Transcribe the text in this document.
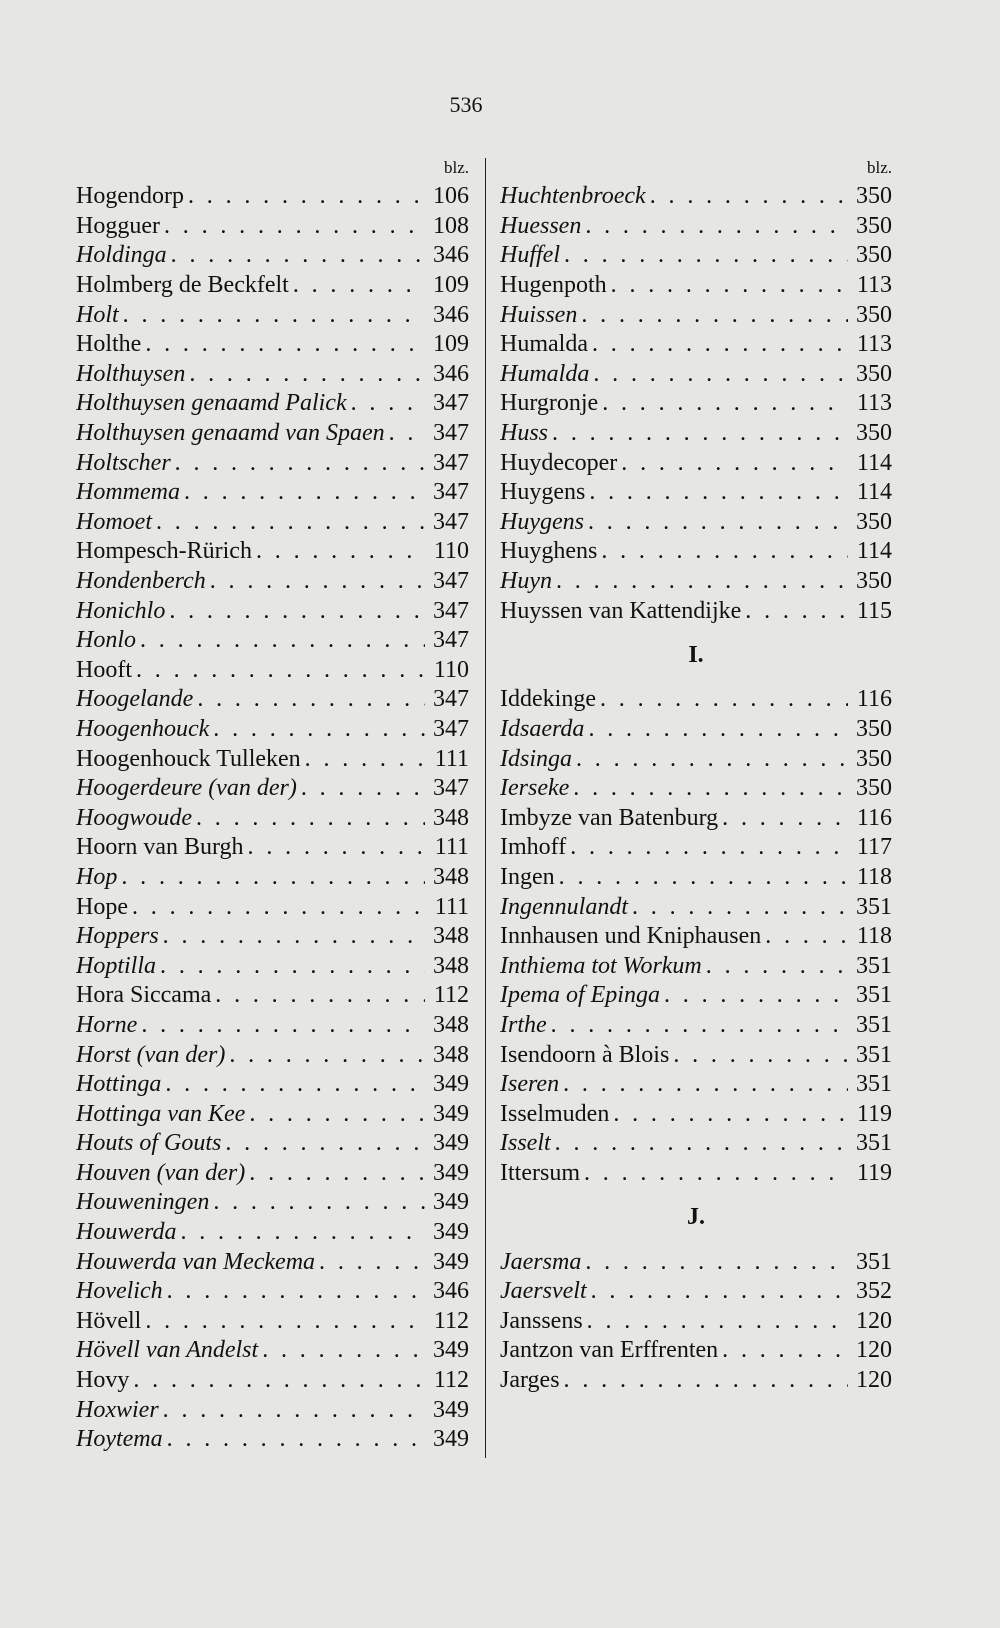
536
blz.
Hogendorp . . .	106
Hogguer . . .	108
Holdinga . . .	346
Holmberg de Beckfelt . . .	109
Holt . . .	346
Holthe . . .	109
Holthuysen . . .	346
Holthuysen genaamd Palick . . .	347
Holthuysen genaamd van Spaen . . . 347
Holtscher . . .	347
Hommema . . .	347
Homoet . . .	347
Hompesch-Rürich . . .	110
Hondenberch . . .	347
Honichlo . . .	347
Honlo . . .	347
Hooft . . .	110
Hoogelande . . .	347
Hoogenhouck . . .	347
Hoogenhouck Tulleken . . .	111
Hoogerdeure (van der) . . .	347
Hoogwoude . . .	348
Hoorn van Burgh . . .	111
Hop . . .	348
Hope . . .	111
Hoppers . . .	348
Hoptilla . . .	348
Hora Siccama . . .	112
Horne . . .	348
Horst (van der) . . .	348
Hottinga . . .	349
Hottinga van Kee . . .	349
Houts of Gouts . . .	349
Houven (van der) . . .	349
Houweningen . . .	349
Houwerda . . .	349
Houwerda van Meckema . . .	349
Hovelich . . .	346
Hövell . . .	112
Hövell van Andelst . . .	349
Hovy . . .	112
Hoxwier . . .	349
Hoytema . . .	349
blz.
Huchtenbroeck . . .	350
Huessen . . .	350
Huffel . . .	350
Hugenpoth . . .	113
Huissen . . .	350
Humalda . . .	113
Humalda . . .	350
Hurgronje . . .	113
Huss . . .	350
Huydecoper . . .	114
Huygens . . .	114
Huygens . . .	350
Huyghens . . .	114
Huyn . . .	350
Huyssen van Kattendijke . . .	115
I.
Iddekinge . . .	116
Idsaerda . . .	350
Idsinga . . .	350
Ierseke . . .	350
Imbyze van Batenburg . . .	116
Imhoff . . .	117
Ingen . . .	118
Ingennulandt . . .	351
Innhausen und Kniphausen . . .	118
Inthiema tot Workum . . .	351
Ipema of Epinga . . .	351
Irthe . . .	351
Isendoorn à Blois . . .	351
Iseren . . .	351
Isselmuden . . .	119
Isselt . . .	351
Ittersum . . .	119
J.
Jaersma . . .	351
Jaersvelt . . .	352
Janssens . . .	120
Jantzon van Erffrenten . . .	120
Jarges . . .	120
